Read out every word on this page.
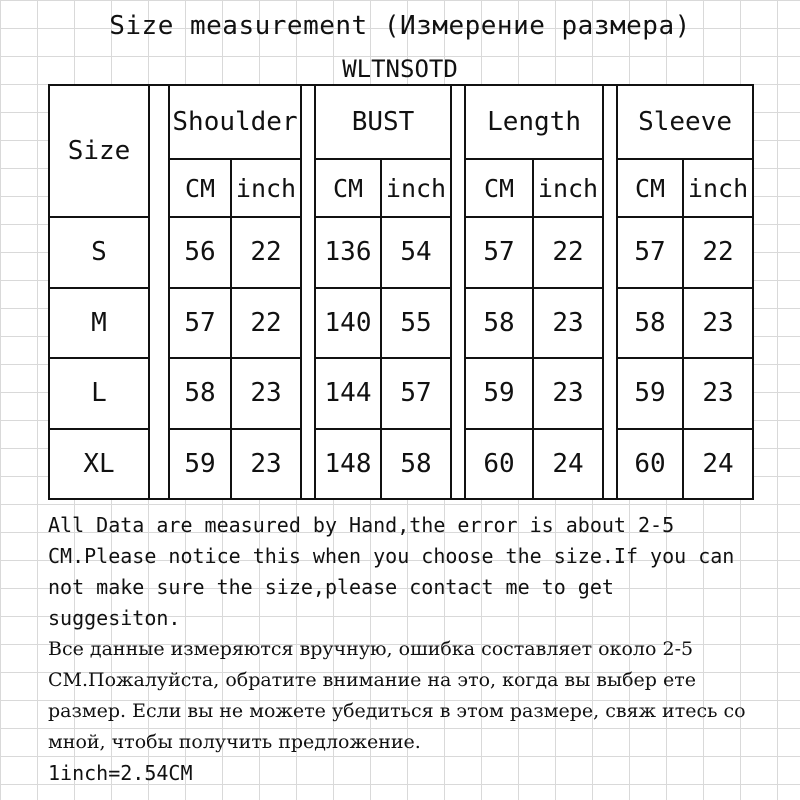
Size measurement (Измерение размера)
WLTNSOTD
Size		Shoulder			BUST			Length			Sleeve	
		CM	inch		CM	inch		CM	inch		CM	inch
S		56	22		136	54		57	22		57	22
M		57	22		140	55		58	23		58	23
L		58	23		144	57		59	23		59	23
XL		59	23		148	58		60	24		60	24

All Data are measured by Hand,the error is about 2-5 CM.Please notice this when you choose the size.If you can not make sure the size,please contact me to get suggesiton.

Все данные измеряются вручную, ошибка составляет около 2-5 CM.Пожалуйста, обратите внимание на это, когда вы выбер ете размер. Если вы не можете убедиться в этом размере, свяж итесь со мной, чтобы получить предложение.

1inch=2.54CM
